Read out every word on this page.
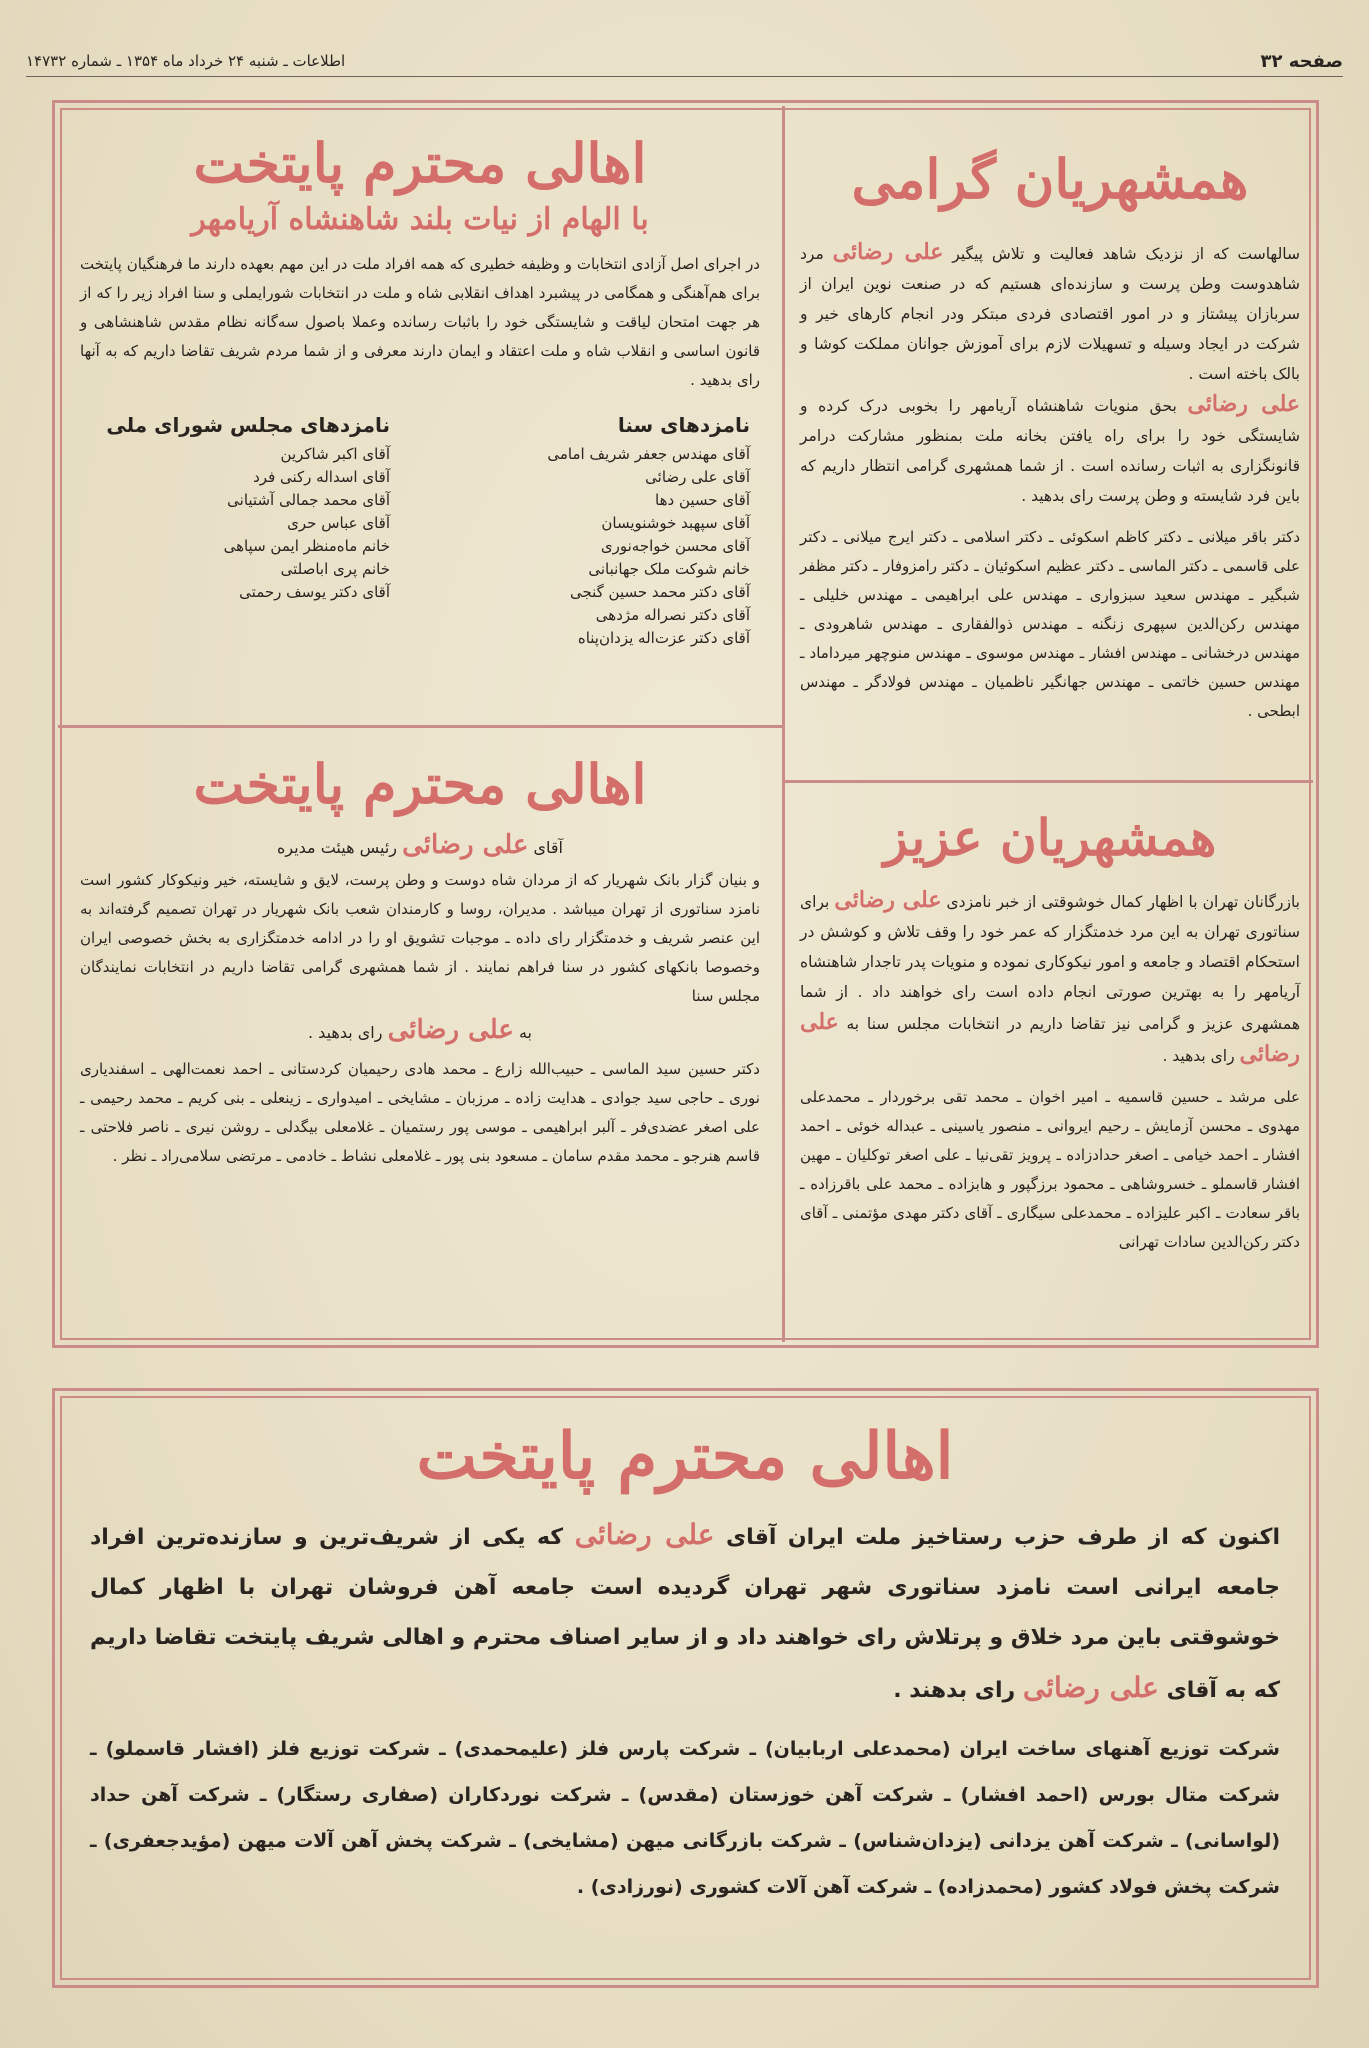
صفحه ۳۲
اطلاعات ـ شنبه ۲۴ خرداد ماه ۱۳۵۴ ـ شماره ۱۴۷۳۲
همشهریان گرامی

سالهاست که از نزدیک شاهد فعالیت و تلاش پیگیر علی رضائی مرد شاهدوست وطن پرست و سازنده‌ای هستیم که در صنعت نوین ایران از سربازان پیشتاز و در امور اقتصادی فردی مبتکر ودر انجام کارهای خیر و شرکت در ایجاد وسیله و تسهیلات لازم برای آموزش جوانان مملکت کوشا و بالک باخته است .

علی رضائی بحق منویات شاهنشاه آریامهر را بخوبی درک کرده و شایستگی خود را برای راه یافتن بخانه ملت بمنظور مشارکت درامر قانونگزاری به اثبات رسانده است . از شما همشهری گرامی انتظار داریم که باین فرد شایسته و وطن پرست رای بدهید .

دکتر باقر میلانی ـ دکتر کاظم اسکوئی ـ دکتر اسلامی ـ دکتر ایرج میلانی ـ دکتر علی قاسمی ـ دکتر الماسی ـ دکتر عظیم اسکوئیان ـ دکتر رامزوفار ـ دکتر مظفر شبگیر ـ مهندس سعید سبزواری ـ مهندس علی ابراهیمی ـ مهندس خلیلی ـ مهندس رکن‌الدین سپهری زنگنه ـ مهندس ذوالفقاری ـ مهندس شاهرودی ـ مهندس درخشانی ـ مهندس افشار ـ مهندس موسوی ـ مهندس منوچهر میرداماد ـ مهندس حسین خاتمی ـ مهندس جهانگیر ناظمیان ـ مهندس فولادگر ـ مهندس ابطحی .

اهالی محترم پایتخت
با الهام از نیات بلند شاهنشاه آریامهر

در اجرای اصل آزادی انتخابات و وظیفه خطیری که همه افراد ملت در این مهم بعهده دارند ما فرهنگیان پایتخت برای هم‌آهنگی و همگامی در پیشبرد اهداف انقلابی شاه و ملت در انتخابات شورایملی و سنا افراد زیر را که از هر جهت امتحان لیاقت و شایستگی خود را باثبات رسانده وعملا باصول سه‌گانه نظام مقدس شاهنشاهی و قانون اساسی و انقلاب شاه و ملت اعتقاد و ایمان دارند معرفی و از شما مردم شریف تقاضا داریم که به آنها رای بدهید .

نامزدهای سنا

آقای مهندس جعفر شریف امامی
آقای علی رضائی
آقای حسین دها
آقای سپهبد خوشنویسان
آقای محسن خواجه‌نوری
خانم شوکت ملک جهانبانی
آقای دکتر محمد حسین گنجی
آقای دکتر نصراله مژدهی
آقای دکتر عزت‌اله یزدان‌پناه

نامزدهای مجلس شورای ملی

آقای اکبر شاکرین
آقای اسداله رکنی فرد
آقای محمد جمالی آشتیانی
آقای عباس حری
خانم ماه‌منظر ایمن سپاهی
خانم پری اباصلتی
آقای دکتر یوسف رحمتی
اهالی محترم پایتخت

آقای علی رضائی رئیس هیئت مدیره

و بنیان گزار بانک شهریار که از مردان شاه دوست و وطن پرست، لایق و شایسته، خیر ونیکوکار کشور است نامزد سناتوری از تهران میباشد . مدیران، روسا و کارمندان شعب بانک شهریار در تهران تصمیم گرفته‌اند به این عنصر شریف و خدمتگزار رای داده ـ موجبات تشویق او را در ادامه خدمتگزاری به بخش خصوصی ایران وخصوصا بانکهای کشور در سنا فراهم نمایند . از شما همشهری گرامی تقاضا داریم در انتخابات نمایندگان مجلس سنا

به علی رضائی رای بدهید .

دکتر حسین سید الماسی ـ حبیب‌الله زارع ـ محمد هادی رحیمیان کردستانی ـ احمد نعمت‌الهی ـ اسفندیاری نوری ـ حاجی سید جوادی ـ هدایت زاده ـ مرزبان ـ مشایخی ـ امیدواری ـ زینعلی ـ بنی کریم ـ محمد رحیمی ـ علی اصغر عضدی‌فر ـ آلبر ابراهیمی ـ موسی پور رستمیان ـ غلامعلی بیگدلی ـ روشن نیری ـ ناصر فلاحتی ـ قاسم هنرجو ـ محمد مقدم سامان ـ مسعود بنی پور ـ غلامعلی نشاط ـ خادمی ـ مرتضی سلامی‌راد ـ نظر .

همشهریان عزیز

بازرگانان تهران با اظهار کمال خوشوقتی از خبر نامزدی علی رضائی برای سناتوری تهران به این مرد خدمتگزار که عمر خود را وقف تلاش و کوشش در استحکام اقتصاد و جامعه و امور نیکوکاری نموده و منویات پدر تاجدار شاهنشاه آریامهر را به بهترین صورتی انجام داده است رای خواهند داد . از شما همشهری عزیز و گرامی نیز تقاضا داریم در انتخابات مجلس سنا به علی رضائی رای بدهید .

علی مرشد ـ حسین قاسمیه ـ امیر اخوان ـ محمد تقی برخوردار ـ محمدعلی مهدوی ـ محسن آزمایش ـ رحیم ایروانی ـ منصور یاسینی ـ عبداله خوئی ـ احمد افشار ـ احمد خیامی ـ اصغر حدادزاده ـ پرویز تقی‌نیا ـ علی اصغر توکلیان ـ مهین افشار قاسملو ـ خسروشاهی ـ محمود برزگپور و هابزاده ـ محمد علی باقرزاده ـ باقر سعادت ـ اکبر علیزاده ـ محمدعلی سیگاری ـ آقای دکتر مهدی مؤتمنی ـ آقای دکتر رکن‌الدین سادات تهرانی

اهالی محترم پایتخت

اکنون که از طرف حزب رستاخیز ملت ایران آقای علی رضائی که یکی از شریف‌ترین و سازنده‌ترین افراد جامعه ایرانی است نامزد سناتوری شهر تهران گردیده است جامعه آهن فروشان تهران با اظهار کمال خوشوقتی باین مرد خلاق و پرتلاش رای خواهند داد و از سایر اصناف محترم و اهالی شریف پایتخت تقاضا داریم که به آقای علی رضائی رای بدهند .

شرکت توزیع آهنهای ساخت ایران (محمدعلی اربابیان) ـ شرکت پارس فلز (علیمحمدی) ـ شرکت توزیع فلز (افشار قاسملو) ـ شرکت متال بورس (احمد افشار) ـ شرکت آهن خوزستان (مقدس) ـ شرکت نوردکاران (صفاری رستگار) ـ شرکت آهن حداد (لواسانی) ـ شرکت آهن یزدانی (یزدان‌شناس) ـ شرکت بازرگانی میهن (مشایخی) ـ شرکت پخش آهن آلات میهن (مؤیدجعفری) ـ شرکت پخش فولاد کشور (محمدزاده) ـ شرکت آهن آلات کشوری (نورزادی) .
